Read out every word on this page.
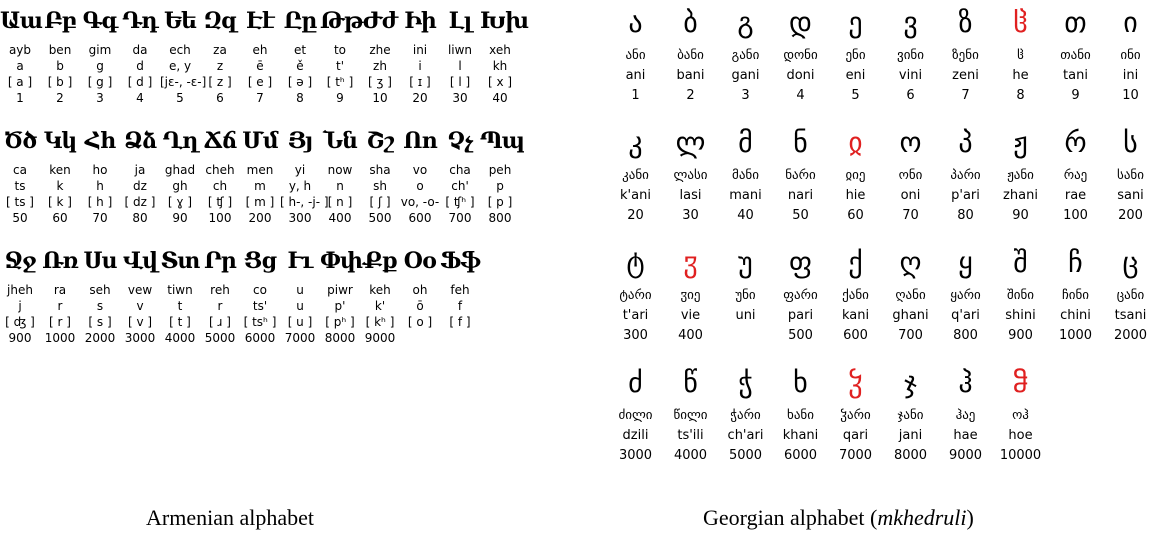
Աա
ayb
a
[ a ]
1
Բբ
ben
b
[ b ]
2
Գգ
gim
g
[ g ]
3
Դդ
da
d
[ d ]
4
Եե
ech
e, y
[jɛ-, -ɛ-]
5
Զզ
za
z
[ z ]
6
Էէ
eh
ē
[ e ]
7
Ըը
et
ě
[ ə ]
8
Թթ
to
t'
[ tʰ ]
9
Ժժ
zhe
zh
[ ʒ ]
10
Իի
ini
i
[ ɪ ]
20
Լլ
liwn
l
[ l ]
30
Խխ
xeh
kh
[ x ]
40
Ծծ
ca
ts
[ ts ]
50
Կկ
ken
k
[ k ]
60
Հհ
ho
h
[ h ]
70
Ձձ
ja
dz
[ dz ]
80
Ղղ
ghad
gh
[ ɣ ]
90
Ճճ
cheh
ch
[ ʧ ]
100
Մմ
men
m
[ m ]
200
Յյ
yi
y, h
[ h-, -j- ]
300
Նն
now
n
[ n ]
400
Շշ
sha
sh
[ ʃ ]
500
Ոո
vo
o
vo, -o-
600
Չչ
cha
ch'
[ ʧʰ ]
700
Պպ
peh
p
[ p ]
800
Ջջ
jheh
j
[ ʤ ]
900
Ռռ
ra
r
[ r ]
1000
Սս
seh
s
[ s ]
2000
Վվ
vew
v
[ v ]
3000
Տտ
tiwn
t
[ t ]
4000
Րր
reh
r
[ ɹ ]
5000
Ցց
co
ts'
[ tsʰ ]
6000
Ււ
u
u
[ u ]
7000
Փփ
piwr
p'
[ pʰ ]
8000
Քք
keh
k'
[ kʰ ]
9000
Օօ
oh
ō
[ o ]
Ֆֆ
feh
f
[ f ]
ა
ანი
ani
1
ბ
ბანი
bani
2
გ
განი
gani
3
დ
დონი
doni
4
ე
ენი
eni
5
ვ
ვინი
vini
6
ზ
ზენი
zeni
7
ჱ
ჱ
he
8
თ
თანი
tani
9
ი
ინი
ini
10
კ
კანი
k'ani
20
ლ
ლასი
lasi
30
მ
მანი
mani
40
ნ
ნარი
nari
50
ჲ
ჲიე
hie
60
ო
ონი
oni
70
პ
პარი
p'ari
80
ჟ
ჟანი
zhani
90
რ
რაე
rae
100
ს
სანი
sani
200
ტ
ტარი
t'ari
300
ჳ
ჳიე
vie
400
უ
უნი
uni
ფ
ფარი
pari
500
ქ
ქანი
kani
600
ღ
ღანი
ghani
700
ყ
ყარი
q'ari
800
შ
შინი
shini
900
ჩ
ჩინი
chini
1000
ც
ცანი
tsani
2000
ძ
ძილი
dzili
3000
წ
წილი
ts'ili
4000
ჭ
ჭარი
ch'ari
5000
ხ
ხანი
khani
6000
ჴ
ჴარი
qari
7000
ჯ
ჯანი
jani
8000
ჰ
ჰაე
hae
9000
ჵ
ოჰ
hoe
10000
Armenian alphabet	Georgian alphabet (mkhedruli)
